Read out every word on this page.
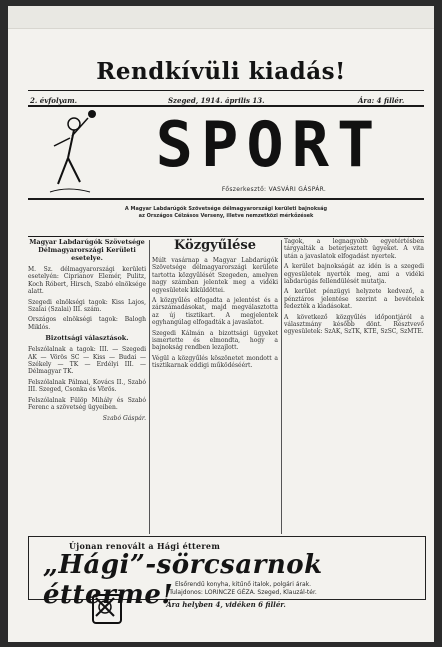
Rendkívüli kiadás!
2. évfolyam.	Szeged, 1914. április 13.	Ára: 4 fillér.
SPORT
Főszerkesztő: VASVÁRI GÁSPÁR.
A Magyar Labdarúgók Szövetsége délmagyarországi kerületi bajnokság
az Országos Célzásos Verseny, illetve nemzetközi mérkőzések
Magyar Labdarúgók Szövetsége Délmagyarországi Kerületi esetelye.

M. Sz. délmagyarországi kerületi esetelyén: Ciprianov Elemér, Pulitz, Koch Róbert, Hirsch, Szabó elnöksége alatt.

Szegedi elnökségi tagok: Kiss Lajos, Szalai (Szalai) III. szám.

Országos elnökségi tagok: Balogh Miklós.

Bizottsági választások.

Felszólalnak a tagok: III. — Szegedi AK — Vörös SC — Kiss — Budai — Székely — TK — Erdélyi III. — Délmagyar TK.

Felszólalnak Pálmai, Kovács II., Szabó III. Szeged, Csonka és Vörös.

Felszólalnak Fülöp Mihály és Szabó Ferenc a szövetség ügyeiben.

Szabó Gáspár.

Közgyűlése

Múlt vasárnap a Magyar Labdarúgók Szövetsége délmagyarországi kerülete tartotta közgyűlését Szegeden, amelyen nagy számban jelentek meg a vidéki egyesületek kiküldöttei.

A közgyűlés elfogadta a jelentést és a zárszámadásokat, majd megválasztotta az új tisztikart. A megjelentek egyhangúlag elfogadták a javaslatot.

Szegedi Kálmán a bizottsági ügyeket ismertette és elmondta, hogy a bajnokság rendben lezajlott.

Végül a közgyűlés köszönetet mondott a tisztikarnak eddigi működéséért.

Tagok, a legnagyobb egyetértésben tárgyalták a beterjesztett ügyeket. A vita után a javaslatok elfogadást nyertek.

A kerület bajnokságát az idén is a szegedi egyesületek nyerték meg, ami a vidéki labdarúgás fellendülését mutatja.

A kerület pénzügyi helyzete kedvező, a pénztáros jelentése szerint a bevételek fedezték a kiadásokat.

A következő közgyűlés időpontjáról a választmány később dönt. Résztvevő egyesületek: SzAK, SzTK, KTE, SzSC, SzMTE.

Újonan renovált a Hági étterem
„Hági”-sörcsarnok étterme! Elsőrendű konyha, kitűnő italok, polgári árak.
Tulajdonos: LORINCZE GÉZA. Szeged, Klauzál-tér.
Ára helyben 4, vidéken 6 fillér.
